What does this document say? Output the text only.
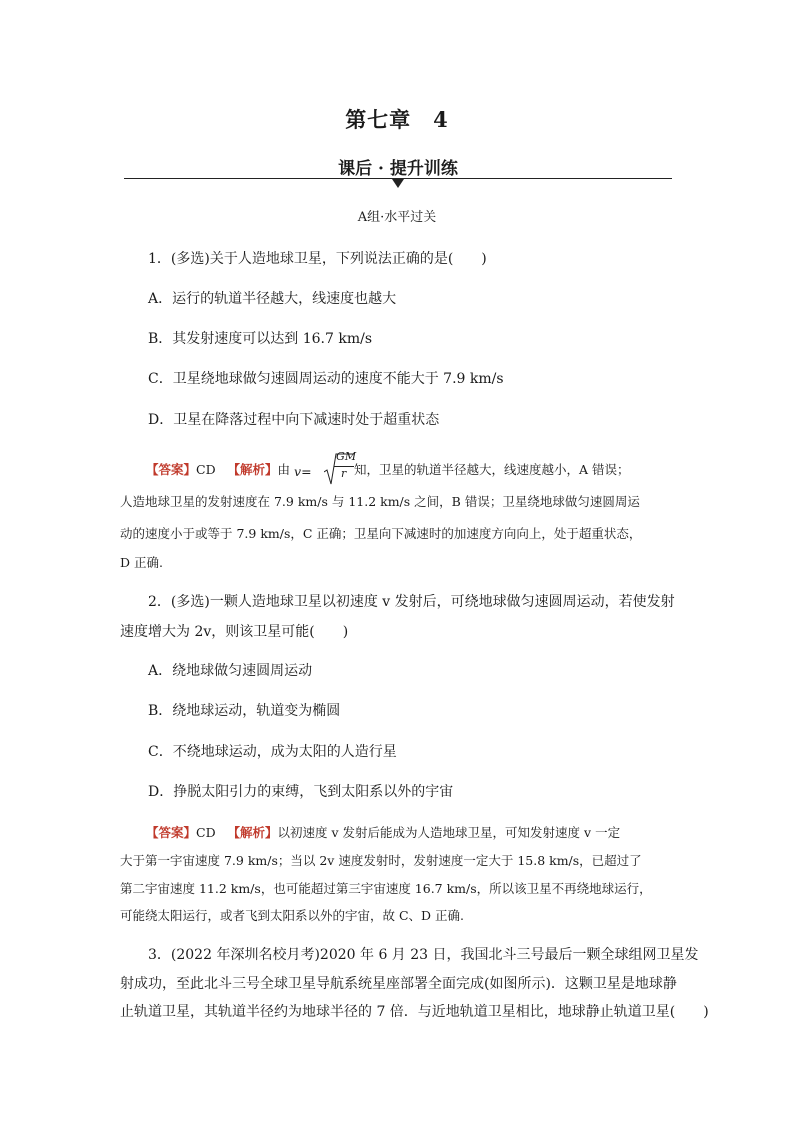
第七章　4
课后 · 提升训练
A组·水平过关
1．(多选)关于人造地球卫星，下列说法正确的是(　　)
A．运行的轨道半径越大，线速度也越大
B．其发射速度可以达到 16.7 km/s
C．卫星绕地球做匀速圆周运动的速度不能大于 7.9 km/s
D．卫星在降落过程中向下减速时处于超重状态
【答案】CD 【解析】由 v=
GM
r 知，卫星的轨道半径越大，线速度越小，A 错误；
人造地球卫星的发射速度在 7.9 km/s 与 11.2 km/s 之间，B 错误；卫星绕地球做匀速圆周运
动的速度小于或等于 7.9 km/s，C 正确；卫星向下减速时的加速度方向向上，处于超重状态，
D 正确.
2．(多选)一颗人造地球卫星以初速度 v 发射后，可绕地球做匀速圆周运动，若使发射
速度增大为 2v，则该卫星可能(　　)
A．绕地球做匀速圆周运动
B．绕地球运动，轨道变为椭圆
C．不绕地球运动，成为太阳的人造行星
D．挣脱太阳引力的束缚，飞到太阳系以外的宇宙
【答案】CD 【解析】以初速度 v 发射后能成为人造地球卫星，可知发射速度 v 一定
大于第一宇宙速度 7.9 km/s；当以 2v 速度发射时，发射速度一定大于 15.8 km/s，已超过了
第二宇宙速度 11.2 km/s，也可能超过第三宇宙速度 16.7 km/s，所以该卫星不再绕地球运行，
可能绕太阳运行，或者飞到太阳系以外的宇宙，故 C、D 正确.
3．(2022 年深圳名校月考)2020 年 6 月 23 日，我国北斗三号最后一颗全球组网卫星发
射成功，至此北斗三号全球卫星导航系统星座部署全面完成(如图所示)．这颗卫星是地球静
止轨道卫星，其轨道半径约为地球半径的 7 倍．与近地轨道卫星相比，地球静止轨道卫星(　　)
